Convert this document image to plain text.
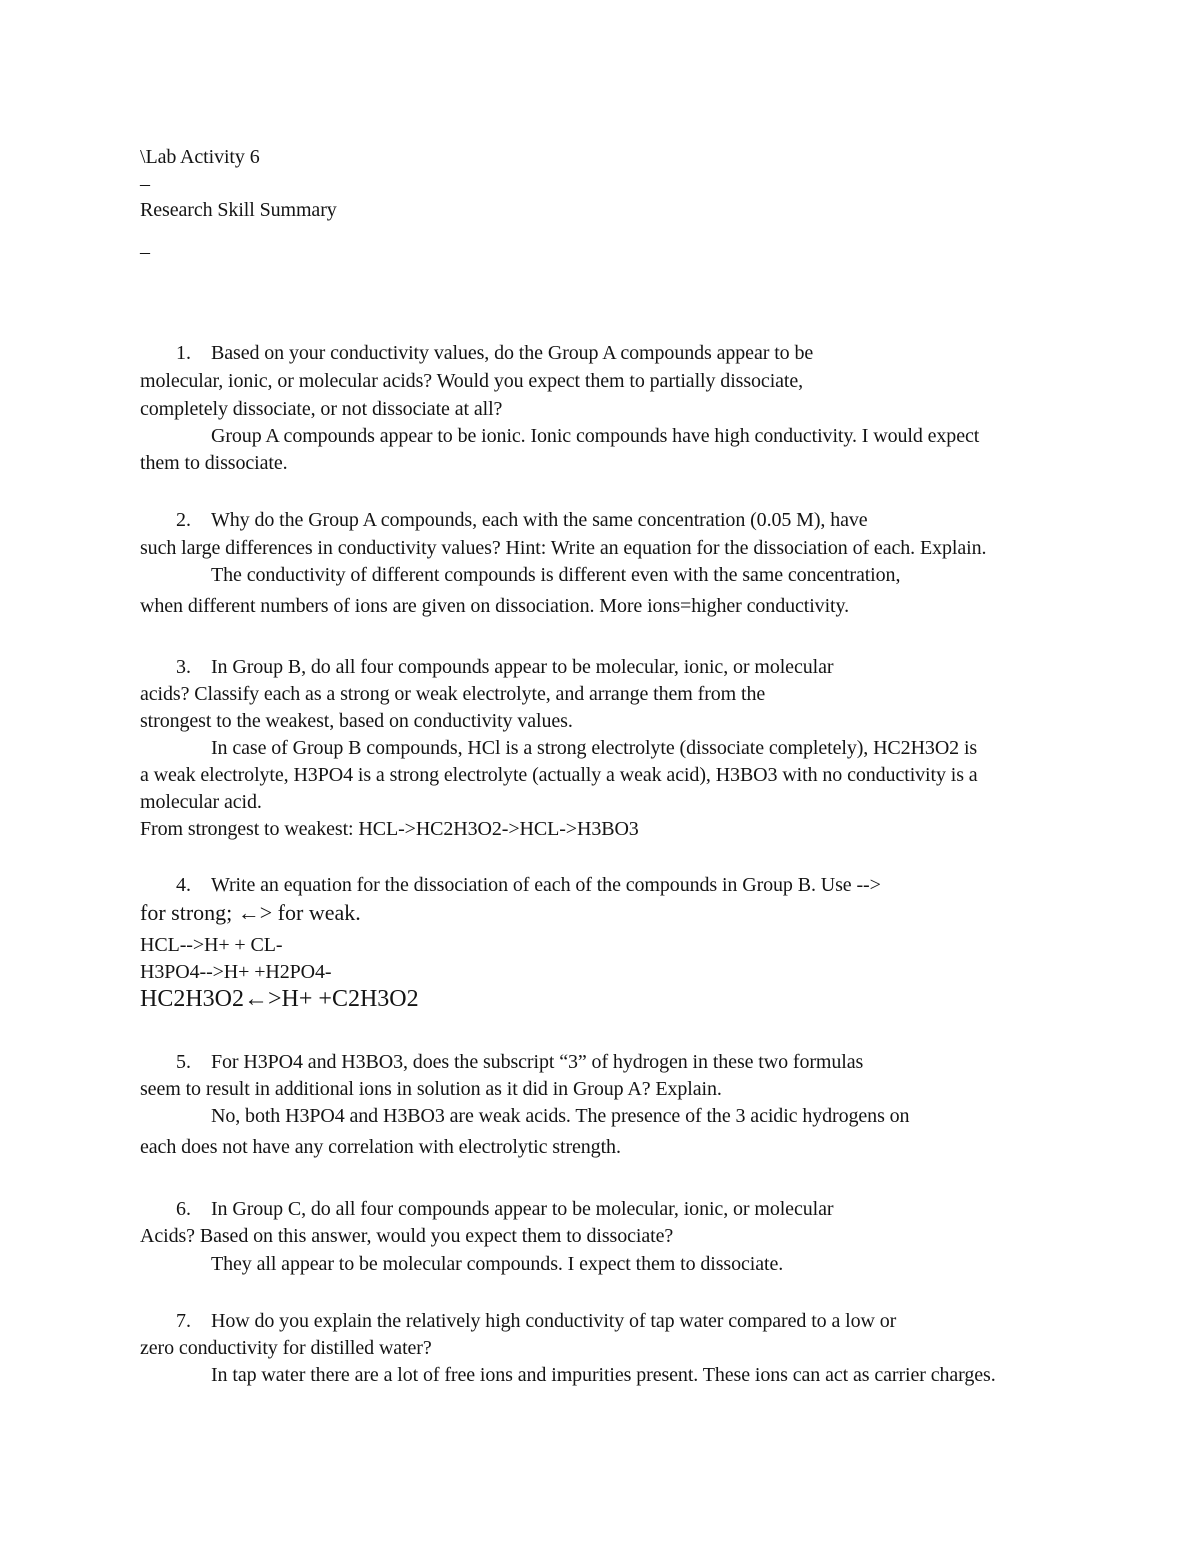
\Lab Activity 6
–
Research Skill Summary
–
1. Based on your conductivity values, do the Group A compounds appear to be
molecular, ionic, or molecular acids? Would you expect them to partially dissociate,
completely dissociate, or not dissociate at all?
Group A compounds appear to be ionic. Ionic compounds have high conductivity. I would expect
them to dissociate.
2. Why do the Group A compounds, each with the same concentration (0.05 M), have
such large differences in conductivity values? Hint: Write an equation for the dissociation of each. Explain.
The conductivity of different compounds is different even with the same concentration,
when different numbers of ions are given on dissociation. More ions=higher conductivity.
3. In Group B, do all four compounds appear to be molecular, ionic, or molecular
acids? Classify each as a strong or weak electrolyte, and arrange them from the
strongest to the weakest, based on conductivity values.
In case of Group B compounds, HCl is a strong electrolyte (dissociate completely), HC2H3O2 is
a weak electrolyte, H3PO4 is a strong electrolyte (actually a weak acid), H3BO3 with no conductivity is a
molecular acid.
From strongest to weakest: HCL->HC2H3O2->HCL->H3BO3
4. Write an equation for the dissociation of each of the compounds in Group B. Use -->
for strong; ←> for weak.
HCL-->H+ + CL-
H3PO4-->H+ +H2PO4-
HC2H3O2←>H+ +C2H3O2
5. For H3PO4 and H3BO3, does the subscript “3” of hydrogen in these two formulas
seem to result in additional ions in solution as it did in Group A? Explain.
No, both H3PO4 and H3BO3 are weak acids. The presence of the 3 acidic hydrogens on
each does not have any correlation with electrolytic strength.
6. In Group C, do all four compounds appear to be molecular, ionic, or molecular
Acids? Based on this answer, would you expect them to dissociate?
They all appear to be molecular compounds. I expect them to dissociate.
7. How do you explain the relatively high conductivity of tap water compared to a low or
zero conductivity for distilled water?
In tap water there are a lot of free ions and impurities present. These ions can act as carrier charges.
